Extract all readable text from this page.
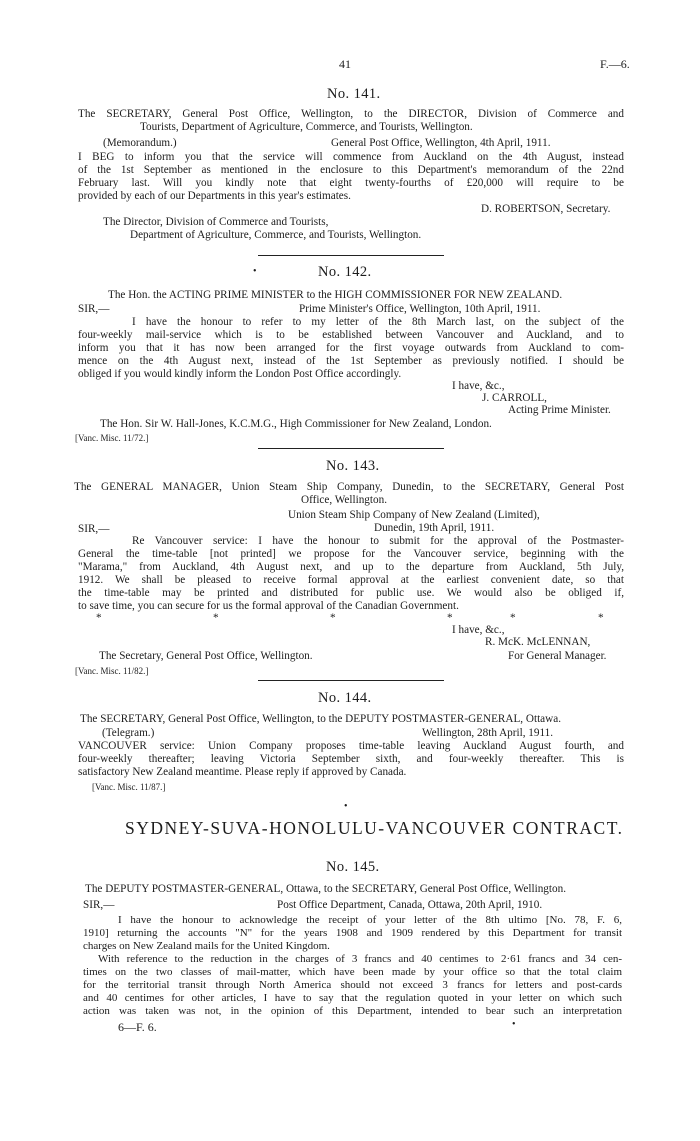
41	F.—6.
No. 141.
The SECRETARY, General Post Office, Wellington, to the DIRECTOR, Division of Commerce and
Tourists, Department of Agriculture, Commerce, and Tourists, Wellington.
(Memorandum.)	General Post Office, Wellington, 4th April, 1911.
I BEG to inform you that the service will commence from Auckland on the 4th August, instead
of the 1st September as mentioned in the enclosure to this Department's memorandum of the 22nd
February last. Will you kindly note that eight twenty-fourths of £20,000 will require to be
provided by each of our Departments in this year's estimates.
D. ROBERTSON, Secretary.
The Director, Division of Commerce and Tourists,
Department of Agriculture, Commerce, and Tourists, Wellington.
•	No. 142.
The Hon. the ACTING PRIME MINISTER to the HIGH COMMISSIONER FOR NEW ZEALAND.
SIR,—	Prime Minister's Office, Wellington, 10th April, 1911.
I have the honour to refer to my letter of the 8th March last, on the subject of the
four-weekly mail-service which is to be established between Vancouver and Auckland, and to
inform you that it has now been arranged for the first voyage outwards from Auckland to com-
mence on the 4th August next, instead of the 1st September as previously notified. I should be
obliged if you would kindly inform the London Post Office accordingly.
I have, &c.,
J. CARROLL,
Acting Prime Minister.
The Hon. Sir W. Hall-Jones, K.C.M.G., High Commissioner for New Zealand, London.
[Vanc. Misc. 11/72.]
No. 143.
The GENERAL MANAGER, Union Steam Ship Company, Dunedin, to the SECRETARY, General Post
Office, Wellington.
Union Steam Ship Company of New Zealand (Limited),
SIR,—	Dunedin, 19th April, 1911.
Re Vancouver service: I have the honour to submit for the approval of the Postmaster-
General the time-table [not printed] we propose for the Vancouver service, beginning with the
"Marama," from Auckland, 4th August next, and up to the departure from Auckland, 5th July,
1912. We shall be pleased to receive formal approval at the earliest convenient date, so that
the time-table may be printed and distributed for public use. We would also be obliged if,
to save time, you can secure for us the formal approval of the Canadian Government.
*	*	*	*	*	*
I have, &c.,
R. McK. McLENNAN,
The Secretary, General Post Office, Wellington.	For General Manager.
[Vanc. Misc. 11/82.]
No. 144.
The SECRETARY, General Post Office, Wellington, to the DEPUTY POSTMASTER-GENERAL, Ottawa.
(Telegram.)	Wellington, 28th April, 1911.
VANCOUVER service: Union Company proposes time-table leaving Auckland August fourth, and
four-weekly thereafter; leaving Victoria September sixth, and four-weekly thereafter. This is
satisfactory New Zealand meantime. Please reply if approved by Canada.
[Vanc. Misc. 11/87.]
•
SYDNEY-SUVA-HONOLULU-VANCOUVER CONTRACT.
No. 145.
The DEPUTY POSTMASTER-GENERAL, Ottawa, to the SECRETARY, General Post Office, Wellington.
SIR,—	Post Office Department, Canada, Ottawa, 20th April, 1910.
I have the honour to acknowledge the receipt of your letter of the 8th ultimo [No. 78, F. 6,
1910] returning the accounts "N" for the years 1908 and 1909 rendered by this Department for transit
charges on New Zealand mails for the United Kingdom.
With reference to the reduction in the charges of 3 francs and 40 centimes to 2·61 francs and 34 cen-
times on the two classes of mail-matter, which have been made by your office so that the total claim
for the territorial transit through North America should not exceed 3 francs for letters and post-cards
and 40 centimes for other articles, I have to say that the regulation quoted in your letter on which such
action was taken was not, in the opinion of this Department, intended to bear such an interpretation
•
6—F. 6.
